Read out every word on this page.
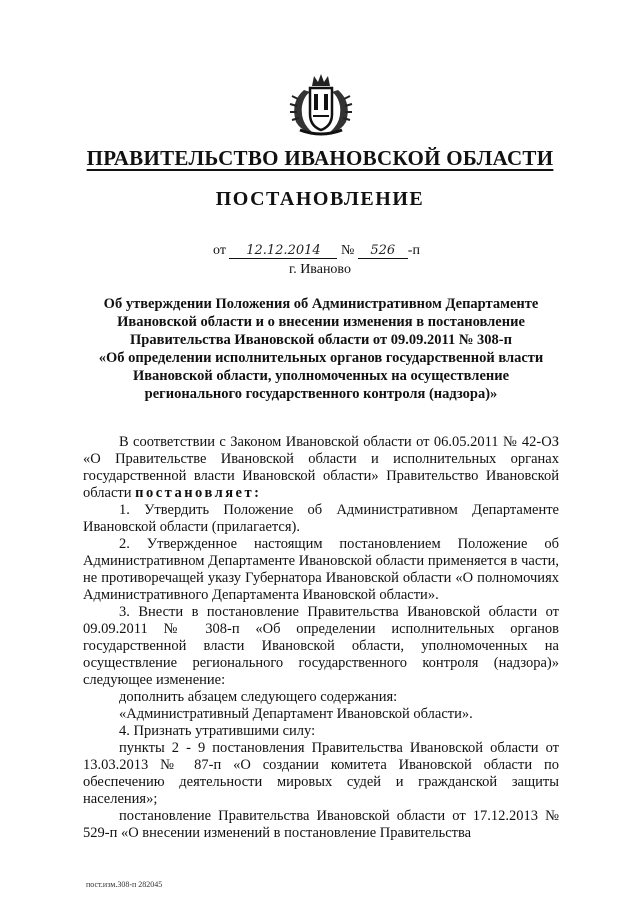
ПРАВИТЕЛЬСТВО ИВАНОВСКОЙ ОБЛАСТИ
ПОСТАНОВЛЕНИЕ
от 12.12.2014 № 526 -п
г. Иваново
Об утверждении Положения об Административном Департаменте
Ивановской области и о внесении изменения в постановление
Правительства Ивановской области от 09.09.2011 № 308-п
«Об определении исполнительных органов государственной власти
Ивановской области, уполномоченных на осуществление
регионального государственного контроля (надзора)»

В соответствии с Законом Ивановской области от 06.05.2011 № 42-ОЗ «О Правительстве Ивановской области и исполнительных органах государственной власти Ивановской области» Правительство Ивановской области постановляет:

1. Утвердить Положение об Административном Департаменте Ивановской области (прилагается).

2. Утвержденное настоящим постановлением Положение об Административном Департаменте Ивановской области применяется в части, не противоречащей указу Губернатора Ивановской области «О полномочиях Административного Департамента Ивановской области».

3. Внести в постановление Правительства Ивановской области от 09.09.2011 № 308-п «Об определении исполнительных органов государственной власти Ивановской области, уполномоченных на осуществление регионального государственного контроля (надзора)» следующее изменение:

дополнить абзацем следующего содержания:

«Административный Департамент Ивановской области».

4. Признать утратившими силу:

пункты 2 - 9 постановления Правительства Ивановской области от 13.03.2013 № 87-п «О создании комитета Ивановской области по обеспечению деятельности мировых судей и гражданской защиты населения»;

постановление Правительства Ивановской области от 17.12.2013 № 529-п «О внесении изменений в постановление Правительства

пост.изм.308-п 282045
